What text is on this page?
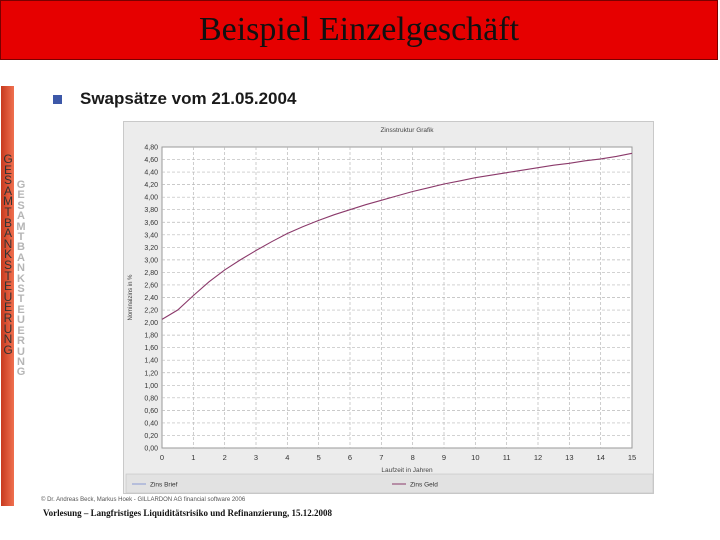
Beispiel Einzelgeschäft
G
E
S
A
M
T
B
A
N
K
S
T
E
U
E
R
U
N
G
G
E
S
A
M
T
B
A
N
K
S
T
E
U
E
R
U
N
G
Swapsätze vom 21.05.2004
Zinsstruktur Grafik
0,00
0,20
0,40
0,60
0,80
1,00
1,20
1,40
1,60
1,80
2,00
2,20
2,40
2,60
2,80
3,00
3,20
3,40
3,60
3,80
4,00
4,20
4,40
4,60
4,80
0	1	2	3	4	5	6	7	8	9	10	11	12	13	14	15
Laufzeit in Jahren
Nominalzins in %
Zins Brief	Zins Geld
© Dr. Andreas Beck, Markus Hoek - GILLARDON AG financial software 2006
Vorlesung – Langfristiges Liquiditätsrisiko und Refinanzierung, 15.12.2008
